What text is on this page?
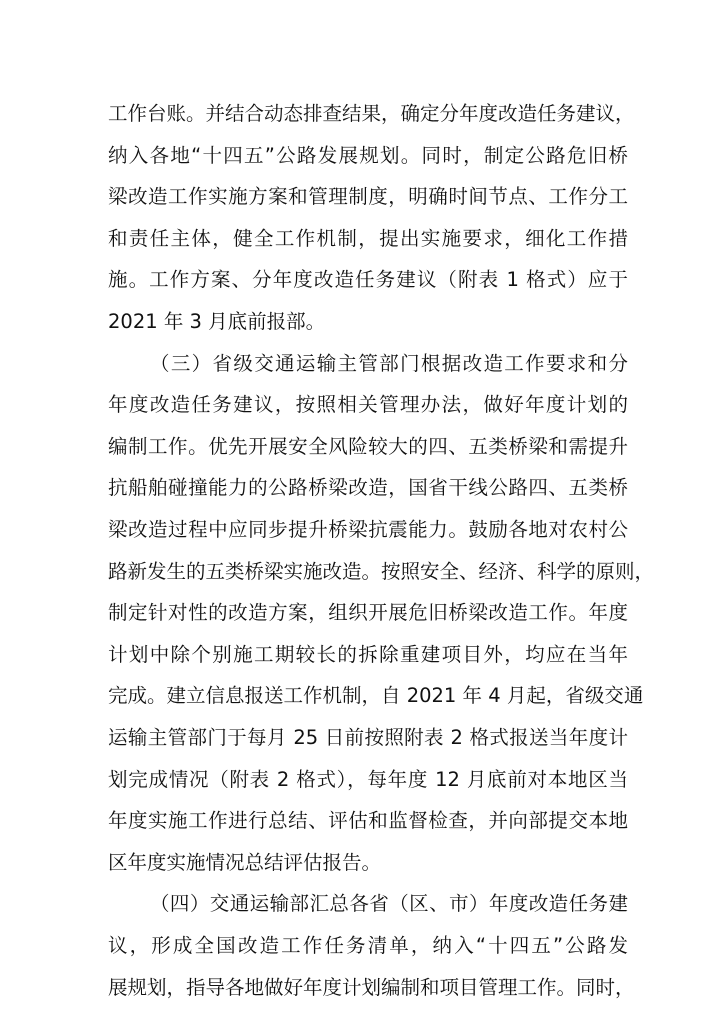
工作台账。并结合动态排查结果，确定分年度改造任务建议，
纳入各地“十四五”公路发展规划。同时，制定公路危旧桥
梁改造工作实施方案和管理制度，明确时间节点、工作分工
和责任主体，健全工作机制，提出实施要求，细化工作措
施。工作方案、分年度改造任务建议（附表 1 格式）应于
2021 年 3 月底前报部。
（三）省级交通运输主管部门根据改造工作要求和分
年度改造任务建议，按照相关管理办法，做好年度计划的
编制工作。优先开展安全风险较大的四、五类桥梁和需提升
抗船舶碰撞能力的公路桥梁改造，国省干线公路四、五类桥
梁改造过程中应同步提升桥梁抗震能力。鼓励各地对农村公
路新发生的五类桥梁实施改造。按照安全、经济、科学的原则，
制定针对性的改造方案，组织开展危旧桥梁改造工作。年度
计划中除个别施工期较长的拆除重建项目外，均应在当年
完成。建立信息报送工作机制，自 2021 年 4 月起，省级交通
运输主管部门于每月 25 日前按照附表 2 格式报送当年度计
划完成情况（附表 2 格式），每年度 12 月底前对本地区当
年度实施工作进行总结、评估和监督检查，并向部提交本地
区年度实施情况总结评估报告。
（四）交通运输部汇总各省（区、市）年度改造任务建
议，形成全国改造工作任务清单，纳入“十四五”公路发
展规划，指导各地做好年度计划编制和项目管理工作。同时，
